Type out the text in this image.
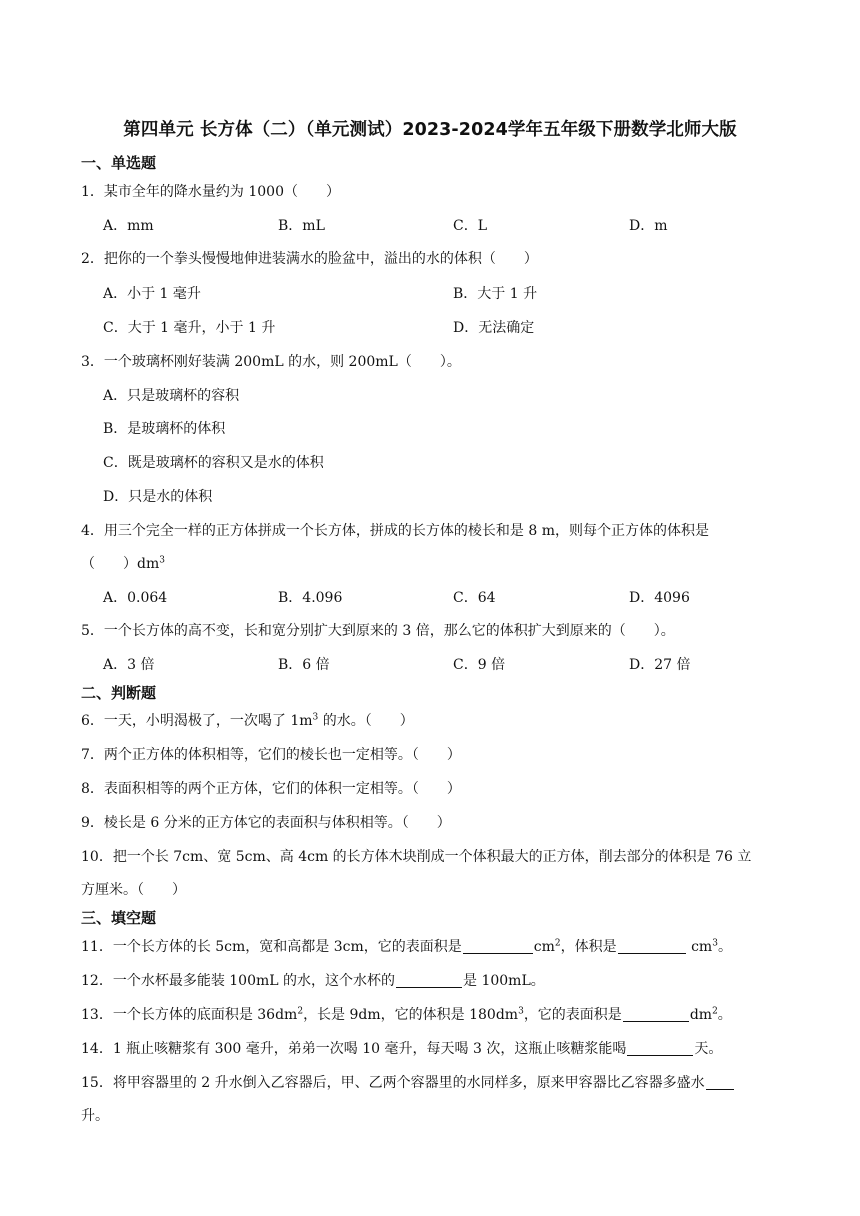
第四单元 长方体（二）（单元测试）2023-2024学年五年级下册数学北师大版
一、单选题
1．某市全年的降水量约为 1000（　　）
A．mm	B．mL	C．L	D．m
2．把你的一个拳头慢慢地伸进装满水的脸盆中，溢出的水的体积（　　）
A．小于 1 毫升	B．大于 1 升
C．大于 1 毫升，小于 1 升	D．无法确定
3．一个玻璃杯刚好装满 200mL 的水，则 200mL（　　）。
A．只是玻璃杯的容积
B．是玻璃杯的体积
C．既是玻璃杯的容积又是水的体积
D．只是水的体积
4．用三个完全一样的正方体拼成一个长方体，拼成的长方体的棱长和是 8 m，则每个正方体的体积是
（　　）$dm^3$
A．0.064	B．4.096	C．64	D．4096
5．一个长方体的高不变，长和宽分别扩大到原来的 3 倍，那么它的体积扩大到原来的（　　）。
A．3 倍	B．6 倍	C．9 倍	D．27 倍
二、判断题
6．一天，小明渴极了，一次喝了 $1m^3$ 的水。（　　）
7．两个正方体的体积相等，它们的棱长也一定相等。（　　）
8．表面积相等的两个正方体，它们的体积一定相等。（　　）
9．棱长是 6 分米的正方体它的表面积与体积相等。（　　）
10．把一个长 7cm、宽 5cm、高 4cm 的长方体木块削成一个体积最大的正方体，削去部分的体积是 76 立
方厘米。（　　）
三、填空题
11．一个长方体的长 5cm，宽和高都是 3cm，它的表面积是	$cm^2$，体积是	$cm^3$。
12．一个水杯最多能装 100mL 的水，这个水杯的	是 100mL。
13．一个长方体的底面积是 $36dm^2$，长是 9dm，它的体积是 $180dm^3$，它的表面积是	$dm^2$。
14．1 瓶止咳糖浆有 300 毫升，弟弟一次喝 10 毫升，每天喝 3 次，这瓶止咳糖浆能喝	天。
15．将甲容器里的 2 升水倒入乙容器后，甲、乙两个容器里的水同样多，原来甲容器比乙容器多盛水
升。
